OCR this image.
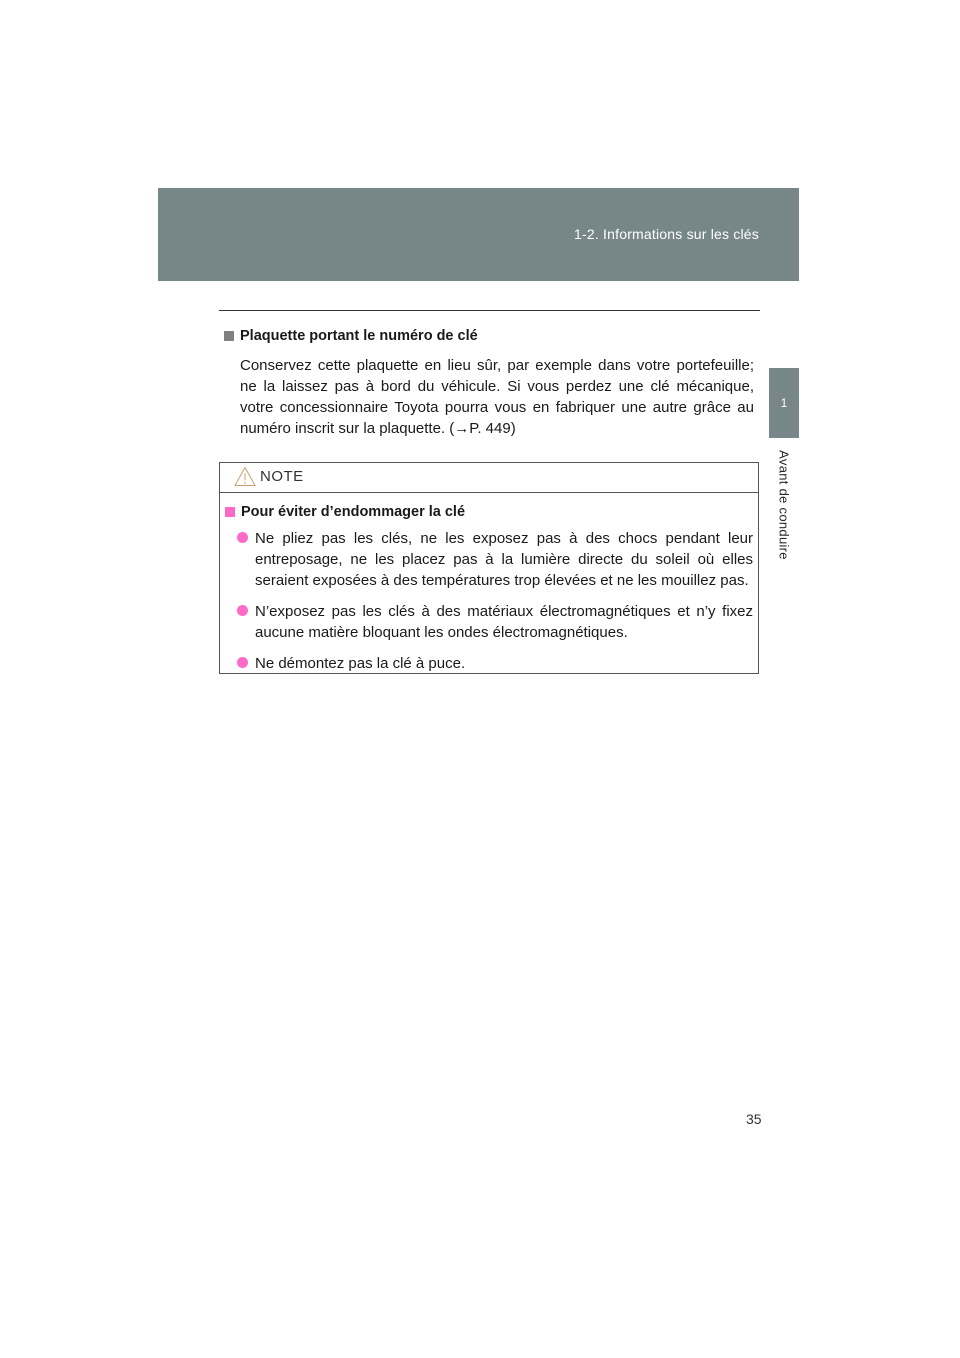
1-2. Informations sur les clés
1
Avant de conduire

Plaquette portant le numéro de clé

Conservez cette plaquette en lieu sûr, par exemple dans votre portefeuille; ne la laissez pas à bord du véhicule. Si vous perdez une clé mécanique, votre concessionnaire Toyota pourra vous en fabriquer une autre grâce au numéro inscrit sur la plaquette. (→P. 449)

NOTE

Pour éviter d’endommager la clé

Ne pliez pas les clés, ne les exposez pas à des chocs pendant leur entreposage, ne les placez pas à la lumière directe du soleil où elles seraient exposées à des températures trop élevées et ne les mouillez pas.
N’exposez pas les clés à des matériaux électromagnétiques et n’y fixez aucune matière bloquant les ondes électromagnétiques.
Ne démontez pas la clé à puce.
35
